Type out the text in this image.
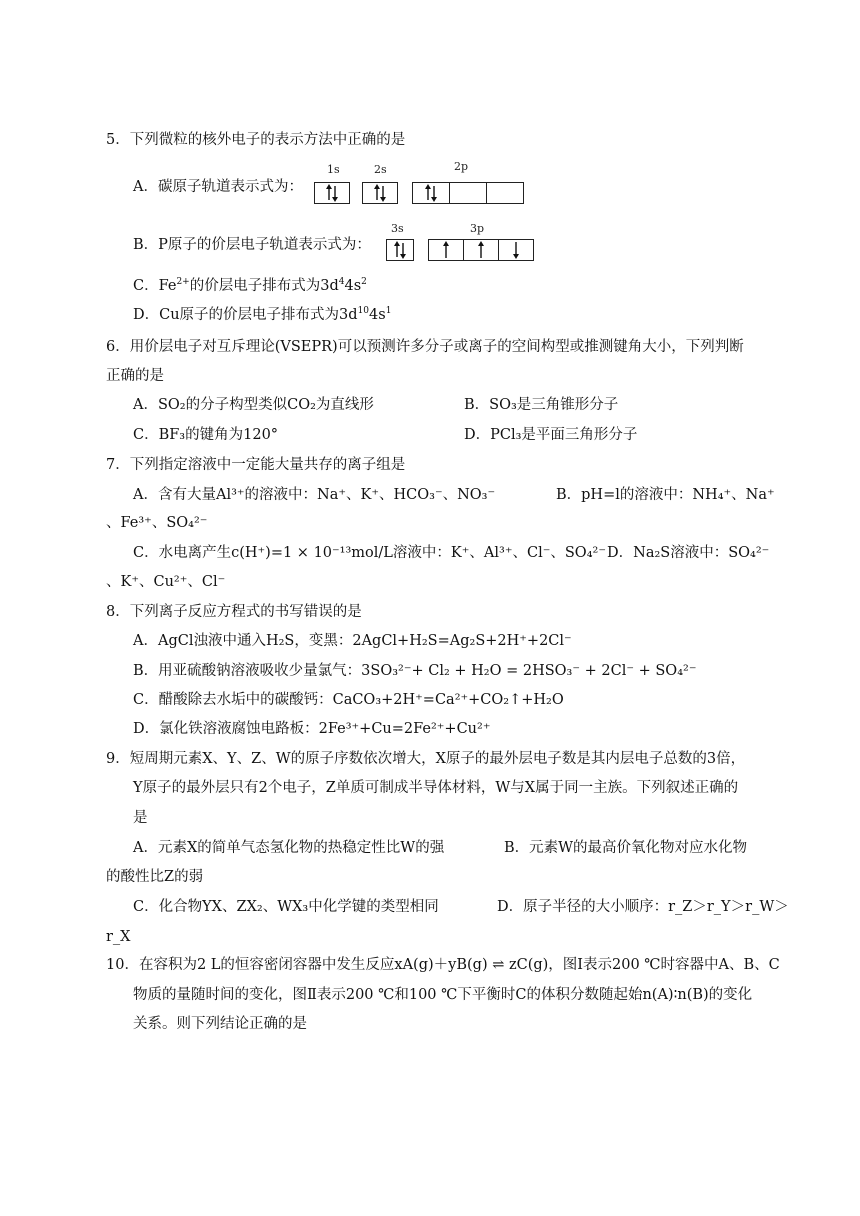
5．下列微粒的核外电子的表示方法中正确的是
A．碳原子轨道表示式为：
1s	2s	2p
B．P原子的价层电子轨道表示式为：
3s	3p
C．$Fe^{2+}$的价层电子排布式为$3d^44s^2$
D．Cu原子的价层电子排布式为$3d^{10}4s^1$
6．用价层电子对互斥理论(VSEPR)可以预测许多分子或离子的空间构型或推测键角大小，下列判断
正确的是
A．SO₂的分子构型类似CO₂为直线形	B．SO₃是三角锥形分子
C．BF₃的键角为120°	D．PCl₃是平面三角形分子
7．下列指定溶液中一定能大量共存的离子组是
A．含有大量Al³⁺的溶液中：Na⁺、K⁺、HCO₃⁻、NO₃⁻	B．pH=l的溶液中：NH₄⁺、Na⁺
、Fe³⁺、SO₄²⁻
C．水电离产生c(H⁺)=1 × 10⁻¹³mol/L溶液中：K⁺、Al³⁺、Cl⁻、SO₄²⁻ D．Na₂S溶液中：SO₄²⁻
、K⁺、Cu²⁺、Cl⁻
8．下列离子反应方程式的书写错误的是
A．AgCl浊液中通入H₂S，变黑：2AgCl+H₂S=Ag₂S+2H⁺+2Cl⁻
B．用亚硫酸钠溶液吸收少量氯气：3SO₃²⁻+ Cl₂ + H₂O = 2HSO₃⁻ + 2Cl⁻ + SO₄²⁻
C．醋酸除去水垢中的碳酸钙：CaCO₃+2H⁺=Ca²⁺+CO₂↑+H₂O
D．氯化铁溶液腐蚀电路板：2Fe³⁺+Cu=2Fe²⁺+Cu²⁺
9．短周期元素X、Y、Z、W的原子序数依次增大，X原子的最外层电子数是其内层电子总数的3倍，
Y原子的最外层只有2个电子，Z单质可制成半导体材料，W与X属于同一主族。下列叙述正确的
是
A．元素X的简单气态氢化物的热稳定性比W的强	B．元素W的最高价氧化物对应水化物
的酸性比Z的弱
C．化合物YX、ZX₂、WX₃中化学键的类型相同	D．原子半径的大小顺序：r_Z＞r_Y＞r_W＞
r_X
10．在容积为2 L的恒容密闭容器中发生反应xA(g)＋yB(g) ⇌ zC(g)，图Ⅰ表示200 ℃时容器中A、B、C
物质的量随时间的变化，图Ⅱ表示200 ℃和100 ℃下平衡时C的体积分数随起始n(A)∶n(B)的变化
关系。则下列结论正确的是
